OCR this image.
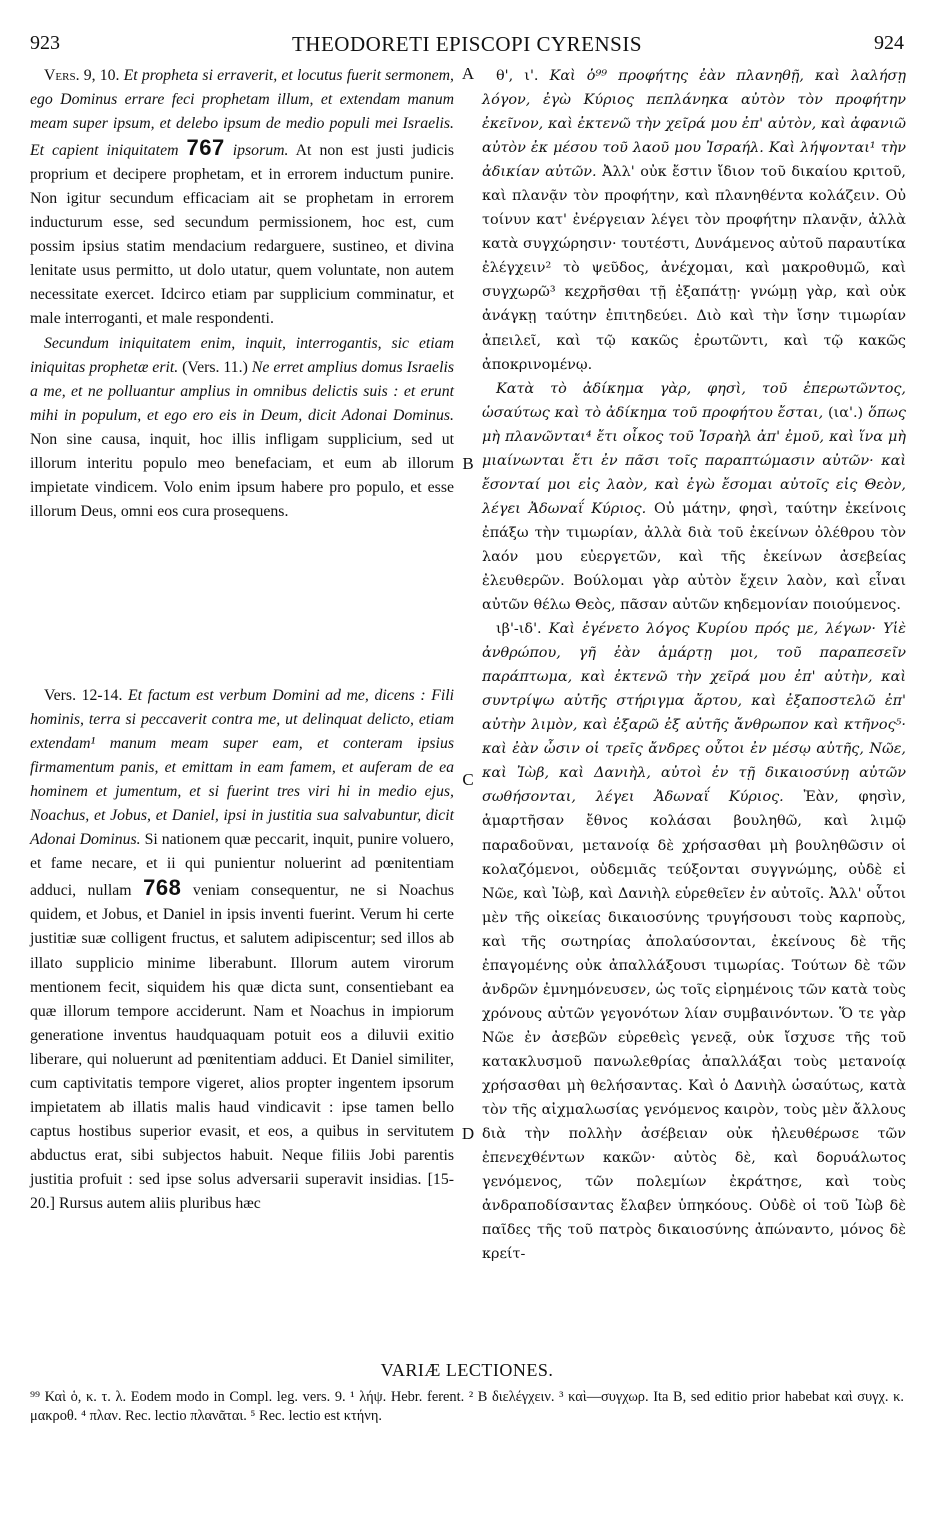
923	THEODORETI EPISCOPI CYRENSIS	924

Vers. 9, 10. Et propheta si erraverit, et locutus fuerit sermonem, ego Dominus errare feci prophetam illum, et extendam manum meam super ipsum, et delebo ipsum de medio populi mei Israelis. Et capient iniquitatem 767 ipsorum. At non est justi judicis proprium et decipere prophetam, et in errorem inductum punire. Non igitur secundum efficaciam ait se prophetam in errorem inducturum esse, sed secundum permissionem, hoc est, cum possim ipsius statim mendacium redarguere, sustineo, et divina lenitate usus permitto, ut dolo utatur, quem voluntate, non autem necessitate exercet. Idcirco etiam par supplicium comminatur, et male interroganti, et male respondenti.

Secundum iniquitatem enim, inquit, interrogantis, sic etiam iniquitas prophetæ erit. (Vers. 11.) Ne erret amplius domus Israelis a me, et ne polluantur amplius in omnibus delictis suis : et erunt mihi in populum, et ego ero eis in Deum, dicit Adonai Dominus. Non sine causa, inquit, hoc illis infligam supplicium, sed ut illorum interitu populo meo benefaciam, et eum ab illorum impietate vindicem. Volo enim ipsum habere pro populo, et esse illorum Deus, omni eos cura prosequens.

Vers. 12-14. Et factum est verbum Domini ad me, dicens : Fili hominis, terra si peccaverit contra me, ut delinquat delicto, etiam extendam¹ manum meam super eam, et conteram ipsius firmamentum panis, et emittam in eam famem, et auferam de ea hominem et jumentum, et si fuerint tres viri hi in medio ejus, Noachus, et Jobus, et Daniel, ipsi in justitia sua salvabuntur, dicit Adonai Dominus. Si nationem quæ peccarit, inquit, punire voluero, et fame necare, et ii qui punientur noluerint ad pœnitentiam adduci, nullam 768 veniam consequentur, ne si Noachus quidem, et Jobus, et Daniel in ipsis inventi fuerint. Verum hi certe justitiæ suæ colligent fructus, et salutem adipiscentur; sed illos ab illato supplicio minime liberabunt. Illorum autem virorum mentionem fecit, siquidem his quæ dicta sunt, consentiebant ea quæ illorum tempore acciderunt. Nam et Noachus in impiorum generatione inventus haudquaquam potuit eos a diluvii exitio liberare, qui noluerunt ad pœnitentiam adduci. Et Daniel similiter, cum captivitatis tempore vigeret, alios propter ingentem ipsorum impietatem ab illatis malis haud vindicavit : ipse tamen bello captus hostibus superior evasit, et eos, a quibus in servitutem abductus erat, sibi subjectos habuit. Neque filiis Jobi parentis justitia profuit : sed ipse solus adversarii superavit insidias. [15-20.] Rursus autem aliis pluribus hæc

A
B
C
D

θ', ι'. Καὶ ὁ⁹⁹ προφήτης ἐὰν πλανηθῇ, καὶ λαλήσῃ λόγον, ἐγὼ Κύριος πεπλάνηκα αὐτὸν τὸν προφήτην ἐκεῖνον, καὶ ἐκτενῶ τὴν χεῖρά μου ἐπ' αὐτὸν, καὶ ἀφανιῶ αὐτὸν ἐκ μέσου τοῦ λαοῦ μου Ἰσραήλ. Καὶ λήψονται¹ τὴν ἀδικίαν αὐτῶν. Ἀλλ' οὐκ ἔστιν ἴδιον τοῦ δικαίου κριτοῦ, καὶ πλανᾷν τὸν προφήτην, καὶ πλανηθέντα κολάζειν. Οὐ τοίνυν κατ' ἐνέργειαν λέγει τὸν προφήτην πλανᾷν, ἀλλὰ κατὰ συγχώρησιν· τουτέστι, Δυνάμενος αὐτοῦ παραυτίκα ἐλέγχειν² τὸ ψεῦδος, ἀνέχομαι, καὶ μακροθυμῶ, καὶ συγχωρῶ³ κεχρῆσθαι τῇ ἐξαπάτῃ· γνώμῃ γὰρ, καὶ οὐκ ἀνάγκῃ ταύτην ἐπιτηδεύει. Διὸ καὶ τὴν ἴσην τιμωρίαν ἀπειλεῖ, καὶ τῷ κακῶς ἐρωτῶντι, καὶ τῷ κακῶς ἀποκρινομένῳ.

Κατὰ τὸ ἀδίκημα γὰρ, φησὶ, τοῦ ἐπερωτῶντος, ὡσαύτως καὶ τὸ ἀδίκημα τοῦ προφήτου ἔσται, (ια'.) ὅπως μὴ πλανῶνται⁴ ἔτι οἶκος τοῦ Ἰσραὴλ ἀπ' ἐμοῦ, καὶ ἵνα μὴ μιαίνωνται ἔτι ἐν πᾶσι τοῖς παραπτώμασιν αὐτῶν· καὶ ἔσονταί μοι εἰς λαὸν, καὶ ἐγὼ ἔσομαι αὐτοῖς εἰς Θεὸν, λέγει Ἀδωναΐ Κύριος. Οὐ μάτην, φησὶ, ταύτην ἐκείνοις ἐπάξω τὴν τιμωρίαν, ἀλλὰ διὰ τοῦ ἐκείνων ὀλέθρου τὸν λαόν μου εὐεργετῶν, καὶ τῆς ἐκείνων ἀσεβείας ἐλευθερῶν. Βούλομαι γὰρ αὐτὸν ἔχειν λαὸν, καὶ εἶναι αὐτῶν θέλω Θεὸς, πᾶσαν αὐτῶν κηδεμονίαν ποιούμενος.

ιβ'-ιδ'. Καὶ ἐγένετο λόγος Κυρίου πρός με, λέγων· Υἱὲ ἀνθρώπου, γῆ ἐὰν ἁμάρτῃ μοι, τοῦ παραπεσεῖν παράπτωμα, καὶ ἐκτενῶ τὴν χεῖρά μου ἐπ' αὐτὴν, καὶ συντρίψω αὐτῆς στήριγμα ἄρτου, καὶ ἐξαποστελῶ ἐπ' αὐτὴν λιμὸν, καὶ ἐξαρῶ ἐξ αὐτῆς ἄνθρωπον καὶ κτῆνος⁵· καὶ ἐὰν ὦσιν οἱ τρεῖς ἄνδρες οὗτοι ἐν μέσῳ αὐτῆς, Νῶε, καὶ Ἰὼβ, καὶ Δανιὴλ, αὐτοὶ ἐν τῇ δικαιοσύνῃ αὐτῶν σωθήσονται, λέγει Ἀδωναΐ Κύριος. Ἐὰν, φησὶν, ἁμαρτῆσαν ἔθνος κολάσαι βουληθῶ, καὶ λιμῷ παραδοῦναι, μετανοίᾳ δὲ χρήσασθαι μὴ βουληθῶσιν οἱ κολαζόμενοι, οὐδεμιᾶς τεύξονται συγγνώμης, οὐδὲ εἰ Νῶε, καὶ Ἰὼβ, καὶ Δανιὴλ εὑρεθεῖεν ἐν αὐτοῖς. Ἀλλ' οὗτοι μὲν τῆς οἰκείας δικαιοσύνης τρυγήσουσι τοὺς καρποὺς, καὶ τῆς σωτηρίας ἀπολαύσονται, ἐκείνους δὲ τῆς ἐπαγομένης οὐκ ἀπαλλάξουσι τιμωρίας. Τούτων δὲ τῶν ἀνδρῶν ἐμνημόνευσεν, ὡς τοῖς εἰρημένοις τῶν κατὰ τοὺς χρόνους αὐτῶν γεγονότων λίαν συμβαινόντων. Ὅ τε γὰρ Νῶε ἐν ἀσεβῶν εὑρεθεὶς γενεᾷ, οὐκ ἴσχυσε τῆς τοῦ κατακλυσμοῦ πανωλεθρίας ἀπαλλάξαι τοὺς μετανοίᾳ χρήσασθαι μὴ θελήσαντας. Καὶ ὁ Δανιὴλ ὡσαύτως, κατὰ τὸν τῆς αἰχμαλωσίας γενόμενος καιρὸν, τοὺς μὲν ἄλλους διὰ τὴν πολλὴν ἀσέβειαν οὐκ ἠλευθέρωσε τῶν ἐπενεχθέντων κακῶν· αὐτὸς δὲ, καὶ δορυάλωτος γενόμενος, τῶν πολεμίων ἐκράτησε, καὶ τοὺς ἀνδραποδίσαντας ἔλαβεν ὑπηκόους. Οὐδὲ οἱ τοῦ Ἰὼβ δὲ παῖδες τῆς τοῦ πατρὸς δικαιοσύνης ἀπώναντο, μόνος δὲ κρείτ-

VARIÆ LECTIONES.
⁹⁹ Καὶ ὁ, κ. τ. λ. Eodem modo in Compl. leg. vers. 9. ¹ λήψ. Hebr. ferent. ² B διελέγχειν. ³ καὶ—συγχωρ. Ita B, sed editio prior habebat καὶ συγχ. κ. μακροθ. ⁴ πλαν. Rec. lectio πλανᾶται. ⁵ Rec. lectio est κτήνη.
